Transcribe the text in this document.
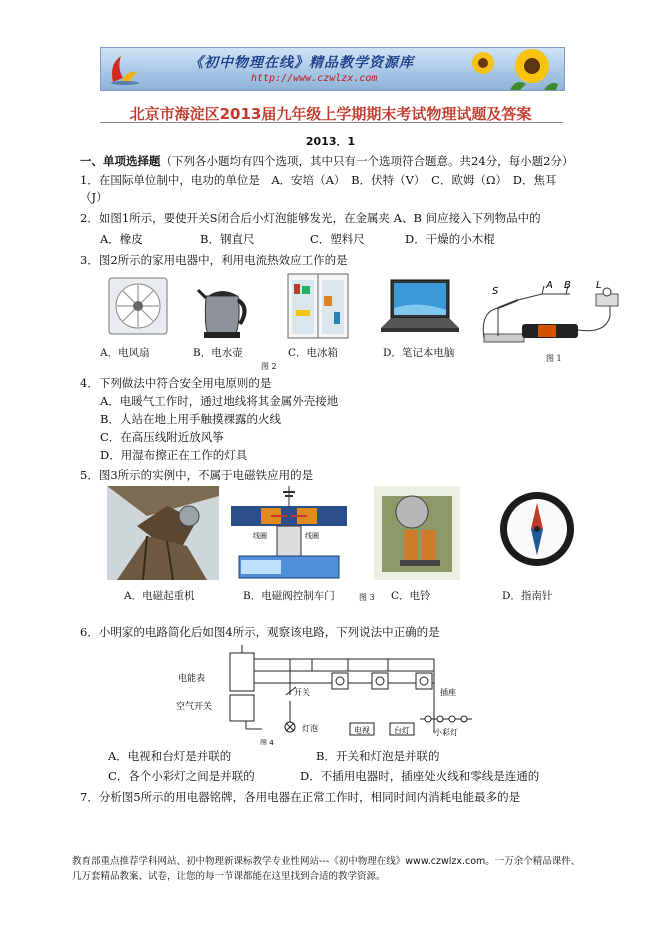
《初中物理在线》精品教学资源库
http://www.czwlzx.com
北京市海淀区2013届九年级上学期期末考试物理试题及答案
2013．1
一、单项选择题（下列各小题均有四个选项，其中只有一个选项符合题意。共24分，每小题2分）
1．在国际单位制中，电功的单位是　A．安培（A）　B．伏特（V）　C．欧姆（Ω）　D．焦耳
（J）
2．如图1所示，要使开关S闭合后小灯泡能够发光，在金属夹 A、B 间应接入下列物品中的
A．橡皮	B．钢直尺	C．塑料尺	D．干燥的小木棍
3．图2所示的家用电器中，利用电流热效应工作的是
A．电风扇	B．电水壶	C．电冰箱	D．笔记本电脑
图 2
S
A B	L
图 1
4．下列做法中符合安全用电原则的是
A．电暖气工作时，通过地线将其金属外壳接地
B．人站在地上用手触摸裸露的火线
C．在高压线附近放风筝
D．用湿布擦正在工作的灯具
5．图3所示的实例中，不属于电磁铁应用的是
线圈	线圈
A．电磁起重机	B．电磁阀控制车门	图 3 C．电铃	D．指南针
6．小明家的电路简化后如图4所示，观察该电路，下列说法中正确的是
电能表
空气开关
开关
灯泡
插座
电视	台灯	小彩灯
图 4
A．电视和台灯是并联的	B．开关和灯泡是并联的
C．各个小彩灯之间是并联的	D．不插用电器时，插座处火线和零线是连通的
7．分析图5所示的用电器铭牌，各用电器在正常工作时，相同时间内消耗电能最多的是
教育部重点推荐学科网站、初中物理新课标教学专业性网站---《初中物理在线》www.czwlzx.com。一万余个精品课件、
几万套精品教案、试卷，让您的每一节课都能在这里找到合适的教学资源。
